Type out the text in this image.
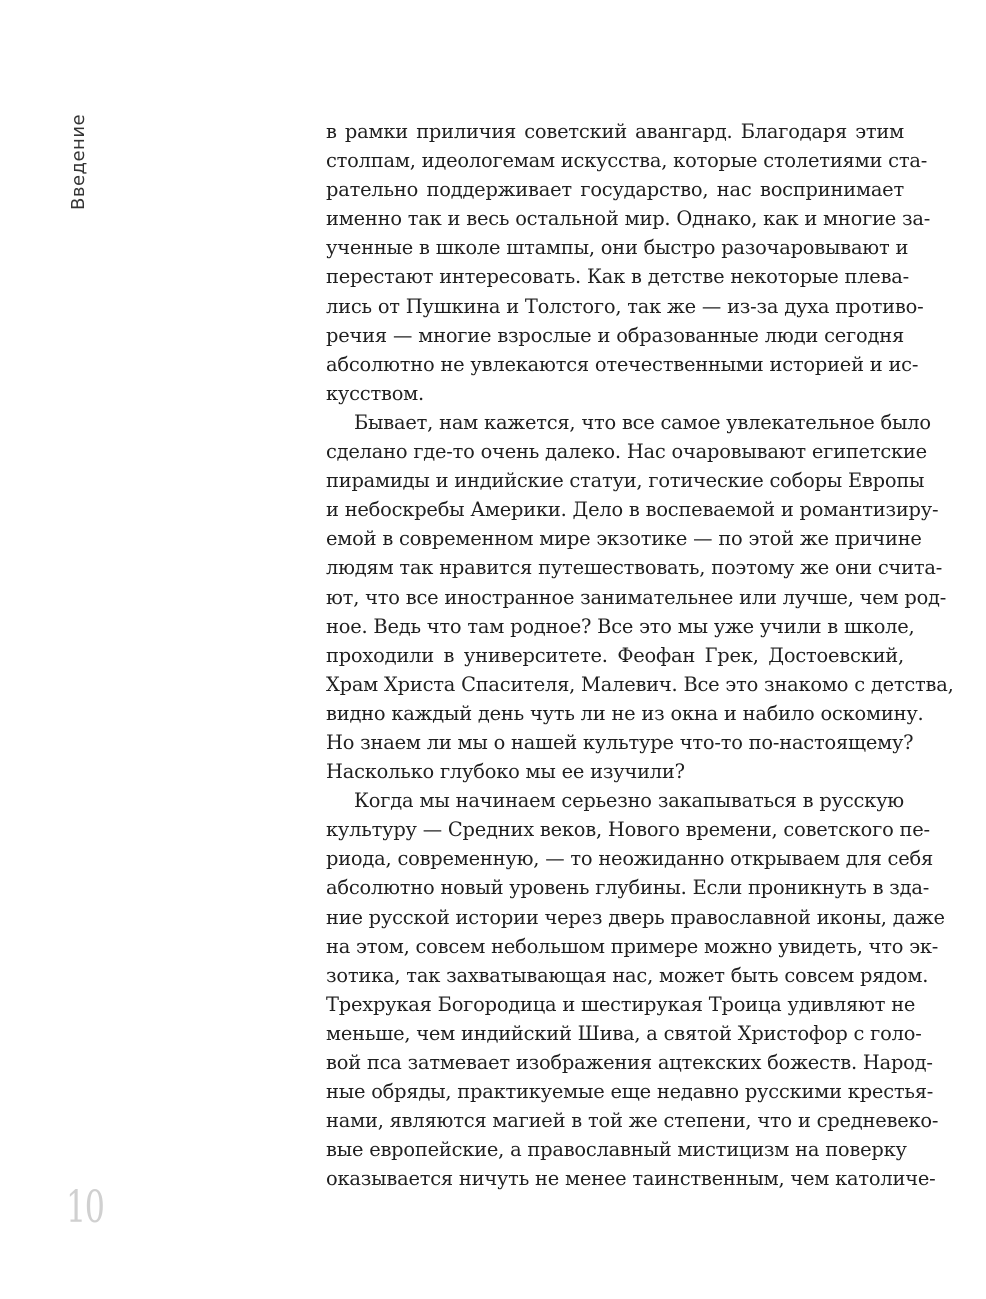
Введение	в рамки приличия советский авангард. Благодаря этим
столпам, идеологемам искусства, которые столетиями ста-
рательно поддерживает государство, нас воспринимает
именно так и весь остальной мир. Однако, как и многие за-
ученные в школе штампы, они быстро разочаровывают и
перестают интересовать. Как в детстве некоторые плева-
лись от Пушкина и Толстого, так же — из-за духа противо-
речия — многие взрослые и образованные люди сегодня
абсолютно не увлекаются отечественными историей и ис-
кусством.
Бывает, нам кажется, что все самое увлекательное было
сделано где-то очень далеко. Нас очаровывают египетские
пирамиды и индийские статуи, готические соборы Европы
и небоскребы Америки. Дело в воспеваемой и романтизиру-
емой в современном мире экзотике — по этой же причине
людям так нравится путешествовать, поэтому же они счита-
ют, что все иностранное занимательнее или лучше, чем род-
ное. Ведь что там родное? Все это мы уже учили в школе,
проходили в университете. Феофан Грек, Достоевский,
Храм Христа Спасителя, Малевич. Все это знакомо с детства,
видно каждый день чуть ли не из окна и набило оскомину.
Но знаем ли мы о нашей культуре что-то по-настоящему?
Насколько глубоко мы ее изучили?
Когда мы начинаем серьезно закапываться в русскую
культуру — Средних веков, Нового времени, советского пе-
риода, современную, — то неожиданно открываем для себя
абсолютно новый уровень глубины. Если проникнуть в зда-
ние русской истории через дверь православной иконы, даже
на этом, совсем небольшом примере можно увидеть, что эк-
зотика, так захватывающая нас, может быть совсем рядом.
Трехрукая Богородица и шестирукая Троица удивляют не
меньше, чем индийский Шива, а святой Христофор с голо-
вой пса затмевает изображения ацтекских божеств. Народ-
ные обряды, практикуемые еще недавно русскими крестья-
нами, являются магией в той же степени, что и средневеко-
вые европейские, а православный мистицизм на поверку
оказывается ничуть не менее таинственным, чем католиче-
10
